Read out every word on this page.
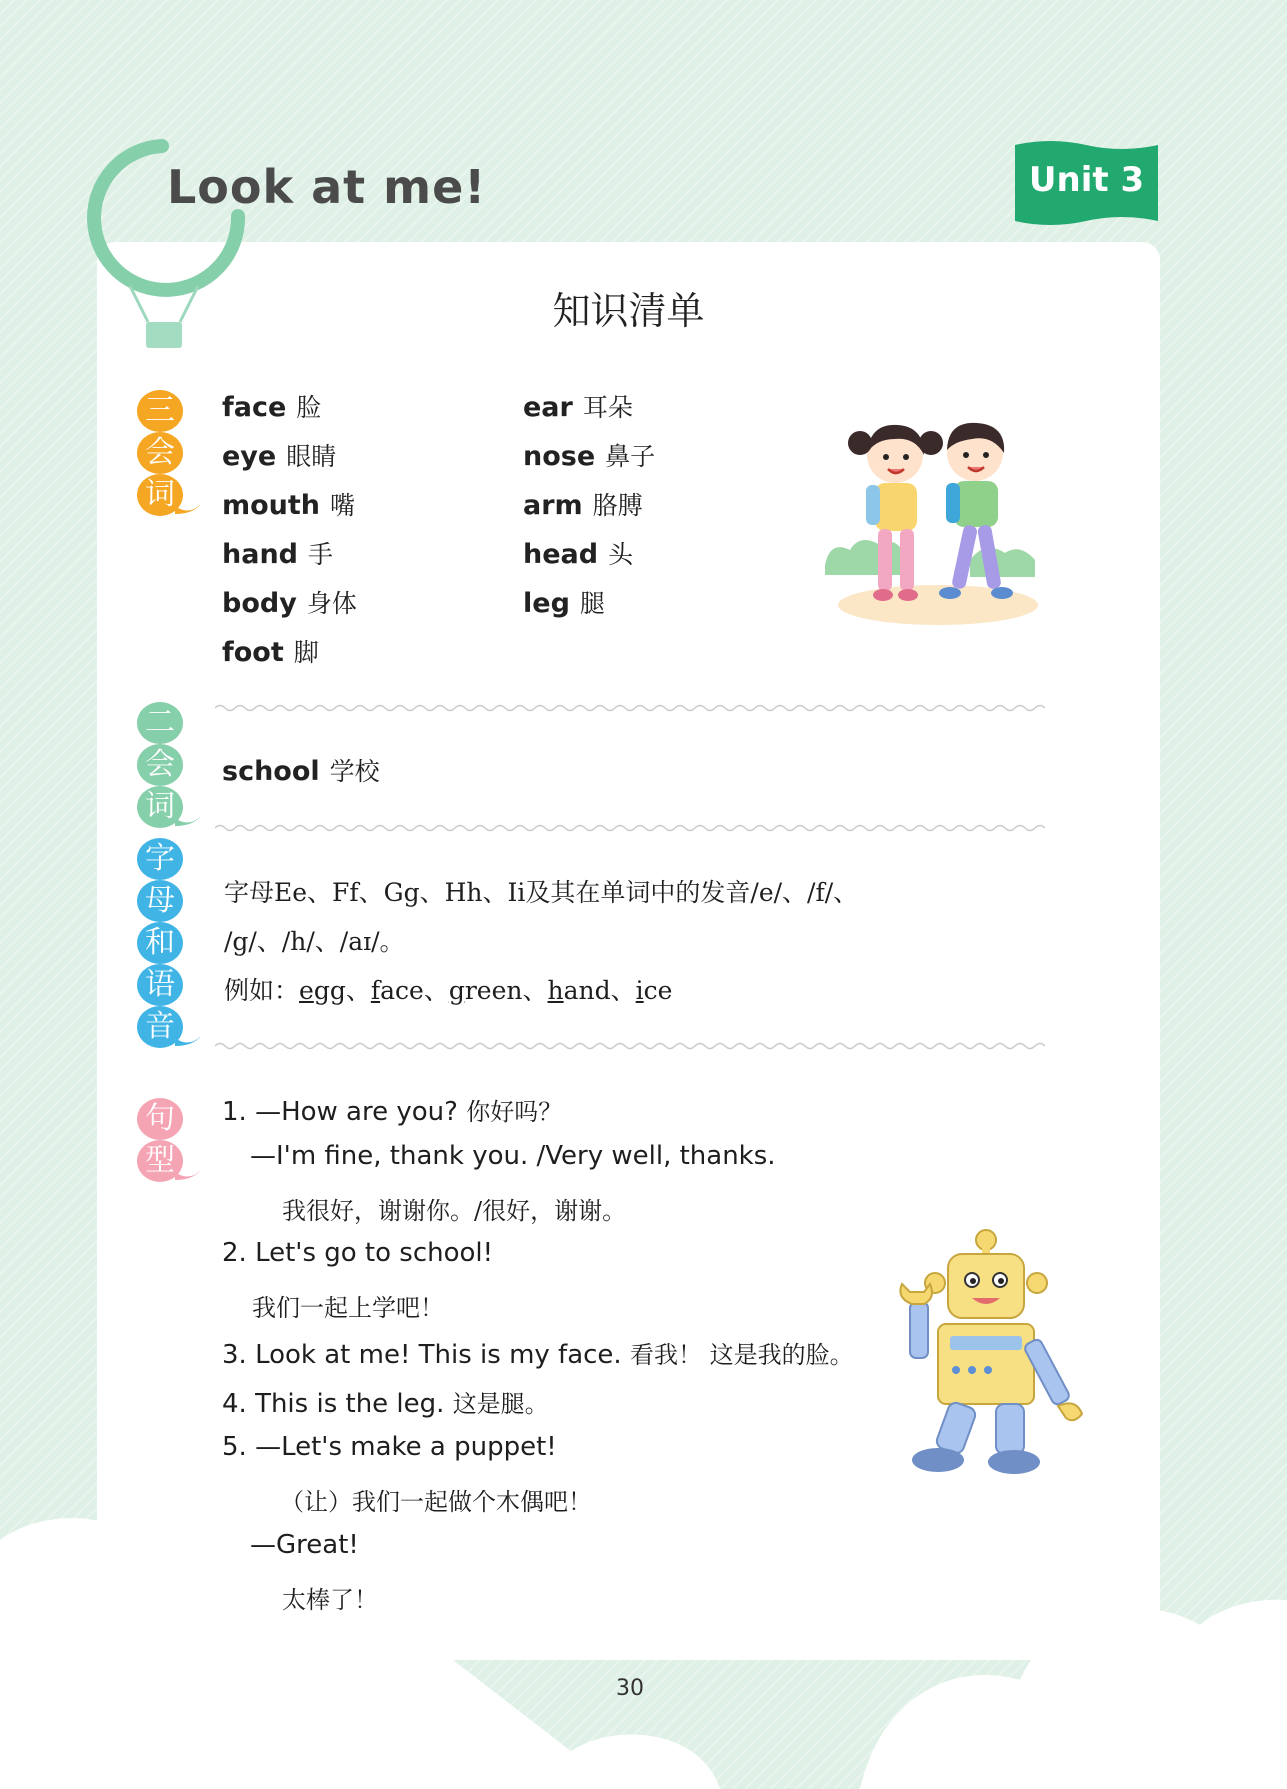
Look at me!	Unit 3
知识清单
三
会
词
face 脸
eye 眼睛
mouth 嘴
hand 手
body 身体
foot 脚
ear 耳朵
nose 鼻子
arm 胳膊
head 头
leg 腿
二
会
词
school 学校
字
母
和
语
音
字母Ee、Ff、Gg、Hh、Ii及其在单词中的发音/e/、/f/、
/g/、/h/、/aɪ/。
例如：egg、face、green、hand、ice
句
型
1. —How are you? 你好吗？
—I'm fine, thank you. /Very well, thanks.
我很好，谢谢你。/很好，谢谢。
2. Let's go to school!
我们一起上学吧！
3. Look at me! This is my face. 看我！ 这是我的脸。
4. This is the leg. 这是腿。
5. —Let's make a puppet!
（让）我们一起做个木偶吧！
—Great!
太棒了！
30
